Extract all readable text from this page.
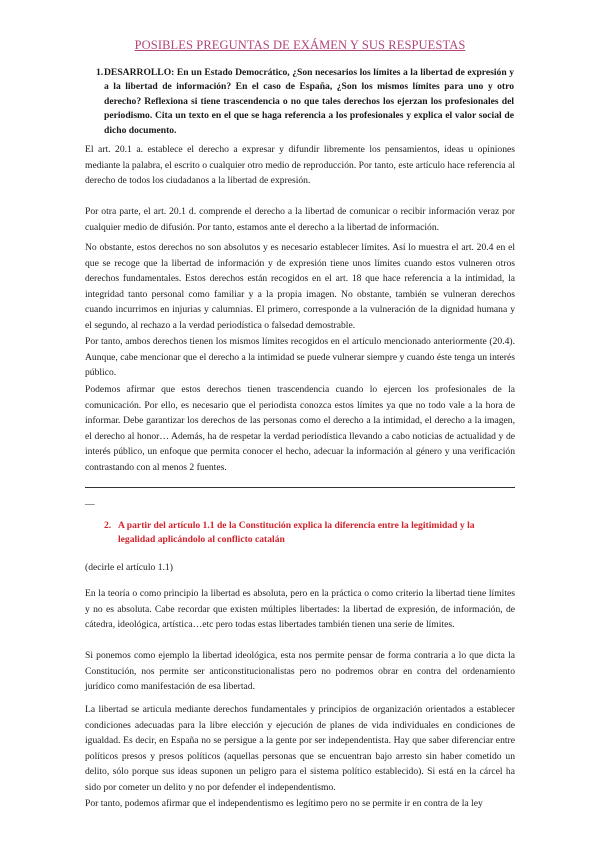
POSIBLES PREGUNTAS DE EXÁMEN Y SUS RESPUESTAS
1. DESARROLLO: En un Estado Democrático, ¿Son necesarios los límites a la libertad de expresión y a la libertad de información? En el caso de España, ¿Son los mismos límites para uno y otro derecho? Reflexiona si tiene trascendencia o no que tales derechos los ejerzan los profesionales del periodismo. Cita un texto en el que se haga referencia a los profesionales y explica el valor social de dicho documento.

El art. 20.1 a. establece el derecho a expresar y difundir libremente los pensamientos, ideas u opiniones mediante la palabra, el escrito o cualquier otro medio de reproducción. Por tanto, este artículo hace referencia al derecho de todos los ciudadanos a la libertad de expresión.

Por otra parte, el art. 20.1 d. comprende el derecho a la libertad de comunicar o recibir información veraz por cualquier medio de difusión. Por tanto, estamos ante el derecho a la libertad de información.

No obstante, estos derechos no son absolutos y es necesario establecer límites. Así lo muestra el art. 20.4 en el que se recoge que la libertad de información y de expresión tiene unos límites cuando estos vulneren otros derechos fundamentales. Estos derechos están recogidos en el art. 18 que hace referencia a la intimidad, la integridad tanto personal como familiar y a la propia imagen. No obstante, también se vulneran derechos cuando incurrimos en injurias y calumnias. El primero, corresponde a la vulneración de la dignidad humana y el segundo, al rechazo a la verdad periodística o falsedad demostrable.

Por tanto, ambos derechos tienen los mismos límites recogidos en el artículo mencionado anteriormente (20.4). Aunque, cabe mencionar que el derecho a la intimidad se puede vulnerar siempre y cuando éste tenga un interés público.

Podemos afirmar que estos derechos tienen trascendencia cuando lo ejercen los profesionales de la comunicación. Por ello, es necesario que el periodista conozca estos límites ya que no todo vale a la hora de informar. Debe garantizar los derechos de las personas como el derecho a la intimidad, el derecho a la imagen, el derecho al honor… Además, ha de respetar la verdad periodística llevando a cabo noticias de actualidad y de interés público, un enfoque que permita conocer el hecho, adecuar la información al género y una verificación contrastando con al menos 2 fuentes.

—
2. A partir del artículo 1.1 de la Constitución explica la diferencia entre la legitimidad y la legalidad aplicándolo al conflicto catalán

(decirle el artículo 1.1)

En la teoría o como principio la libertad es absoluta, pero en la práctica o como criterio la libertad tiene límites y no es absoluta. Cabe recordar que existen múltiples libertades: la libertad de expresión, de información, de cátedra, ideológica, artística…etc pero todas estas libertades también tienen una serie de límites.

Si ponemos como ejemplo la libertad ideológica, esta nos permite pensar de forma contraria a lo que dicta la Constitución, nos permite ser anticonstitucionalistas pero no podremos obrar en contra del ordenamiento jurídico como manifestación de esa libertad.

La libertad se articula mediante derechos fundamentales y principios de organización orientados a establecer condiciones adecuadas para la libre elección y ejecución de planes de vida individuales en condiciones de igualdad. Es decir, en España no se persigue a la gente por ser independentista. Hay que saber diferenciar entre políticos presos y presos políticos (aquellas personas que se encuentran bajo arresto sin haber cometido un delito, sólo porque sus ideas suponen un peligro para el sistema político establecido). Si está en la cárcel ha sido por cometer un delito y no por defender el independentismo.

Por tanto, podemos afirmar que el independentismo es legítimo pero no se permite ir en contra de la ley
